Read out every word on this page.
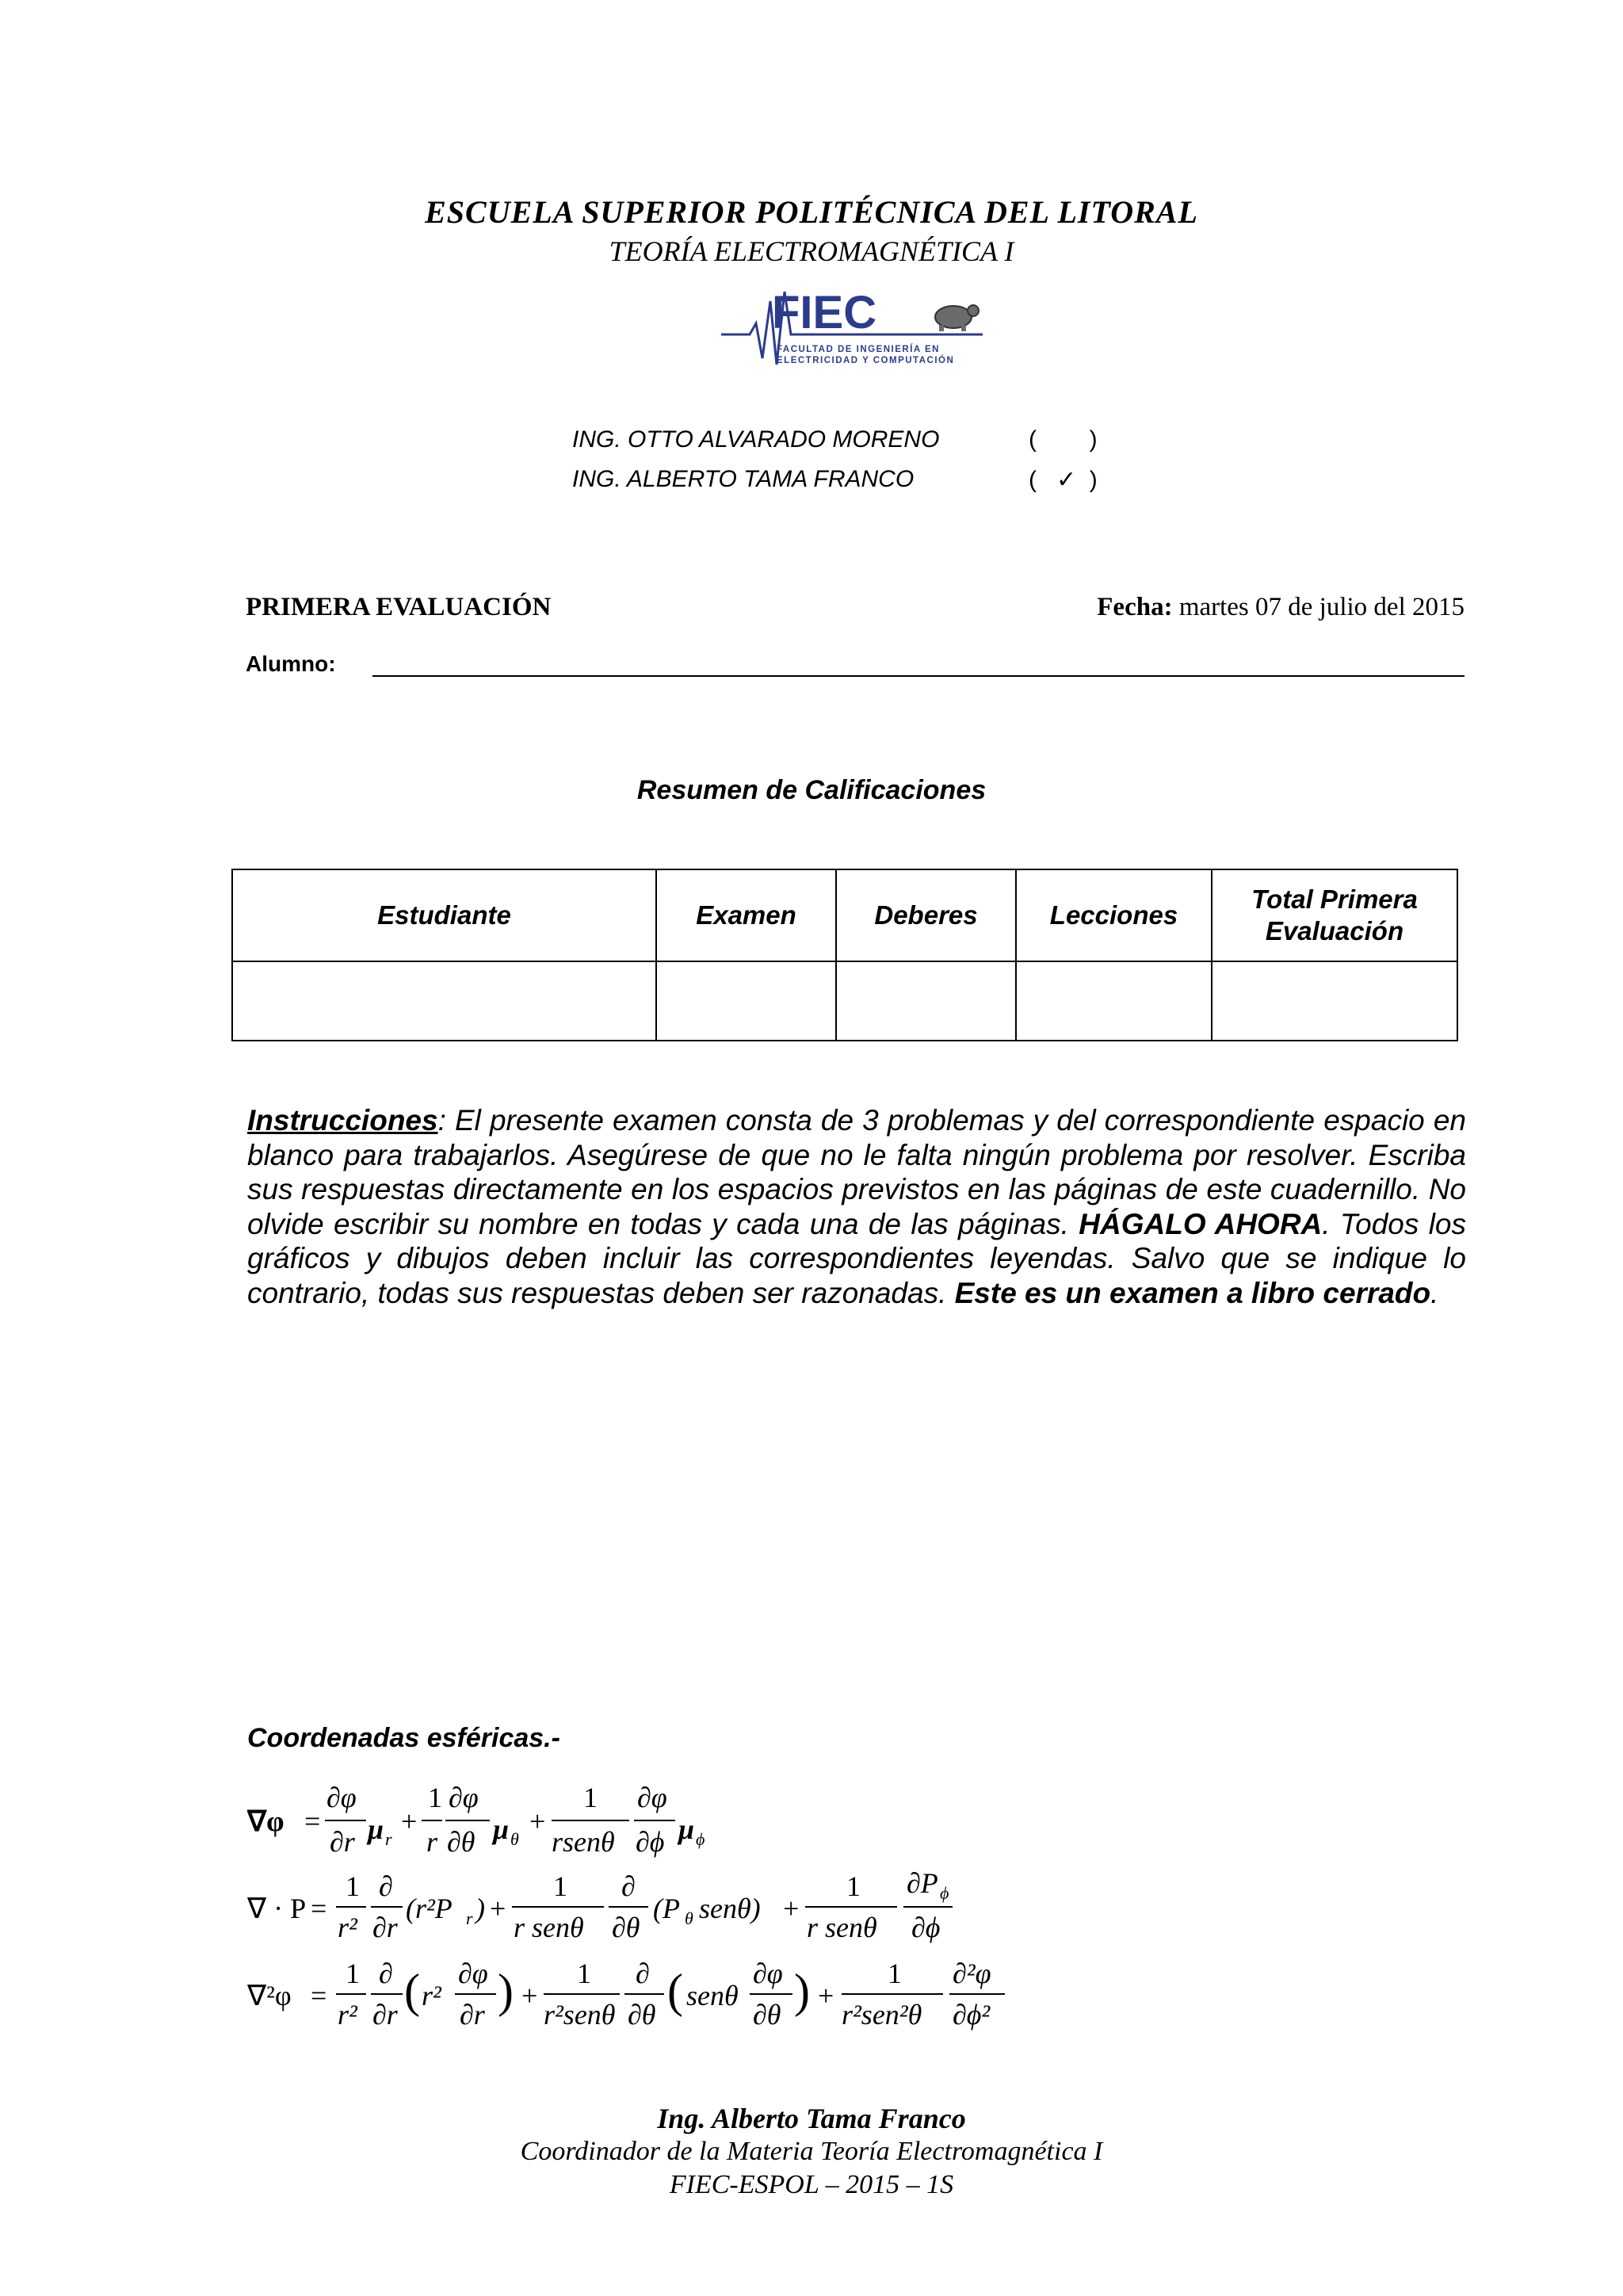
ESCUELA SUPERIOR POLITÉCNICA DEL LITORAL
TEORÍA ELECTROMAGNÉTICA I
FIEC
FACULTAD DE INGENIERÍA EN
ELECTRICIDAD Y COMPUTACIÓN
ING. OTTO ALVARADO MORENO	(        )
ING. ALBERTO TAMA FRANCO	(   ✓  )
PRIMERA EVALUACIÓN	Fecha: martes 07 de julio del 2015
Alumno:
Resumen de Calificaciones
Estudiante	Examen	Deberes	Lecciones	Total Primera Evaluación

Instrucciones: El presente examen consta de 3 problemas y del correspondiente espacio en blanco para trabajarlos. Asegúrese de que no le falta ningún problema por resolver. Escriba sus respuestas directamente en los espacios previstos en las páginas de este cuadernillo. No olvide escribir su nombre en todas y cada una de las páginas. HÁGALO AHORA. Todos los gráficos y dibujos deben incluir las correspondientes leyendas. Salvo que se indique lo contrario, todas sus respuestas deben ser razonadas. Este es un examen a libro cerrado.
Coordenadas esféricas.-
∇φ =
∂φ
∂r μ r
+
1
r
∂φ
∂θ μ θ
+
1
rsenθ
∂φ
∂ϕ μ ϕ
∇ · P =
1
r²
∂
∂r
(r²P r ) +
1
r senθ
∂
∂θ
(P θ senθ) +
1
r senθ
∂P ϕ
∂ϕ
∇²φ =
1
r²
∂
∂r ( r²
∂φ
∂r ) +
1
r²senθ
∂
∂θ ( senθ
∂φ
∂θ ) +
1
r²sen²θ
∂²φ
∂ϕ²
Ing. Alberto Tama Franco
Coordinador de la Materia Teoría Electromagnética I
FIEC-ESPOL – 2015 – 1S
